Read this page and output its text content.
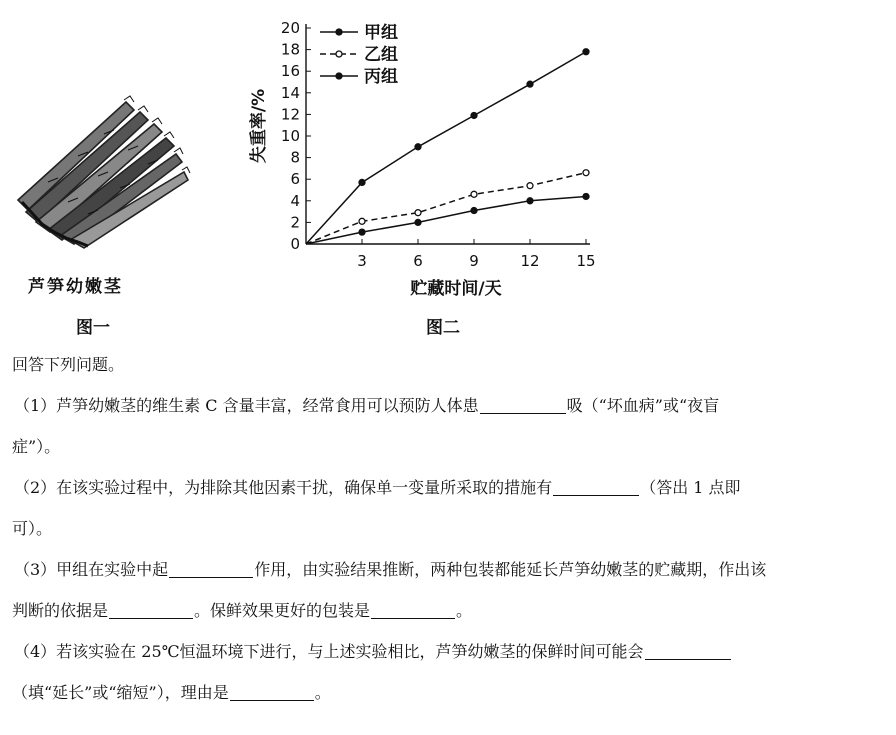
芦笋幼嫩茎
图一
0
2
4
6
8
10
12
14
16
18
20
3	6	9	12 15
贮藏时间/天
失重率/%
甲组
乙组
丙组
图二
回答下列问题。
（1）芦笋幼嫩茎的维生素 C 含量丰富，经常食用可以预防人体患	吸（“坏血病”或“夜盲
症”）。
（2）在该实验过程中，为排除其他因素干扰，确保单一变量所采取的措施有	（答出 1 点即
可）。
（3）甲组在实验中起	作用，由实验结果推断，两种包装都能延长芦笋幼嫩茎的贮藏期，作出该
判断的依据是	。保鲜效果更好的包装是	。
（4）若该实验在 25℃恒温环境下进行，与上述实验相比，芦笋幼嫩茎的保鲜时间可能会
（填“延长”或“缩短”），理由是	。
